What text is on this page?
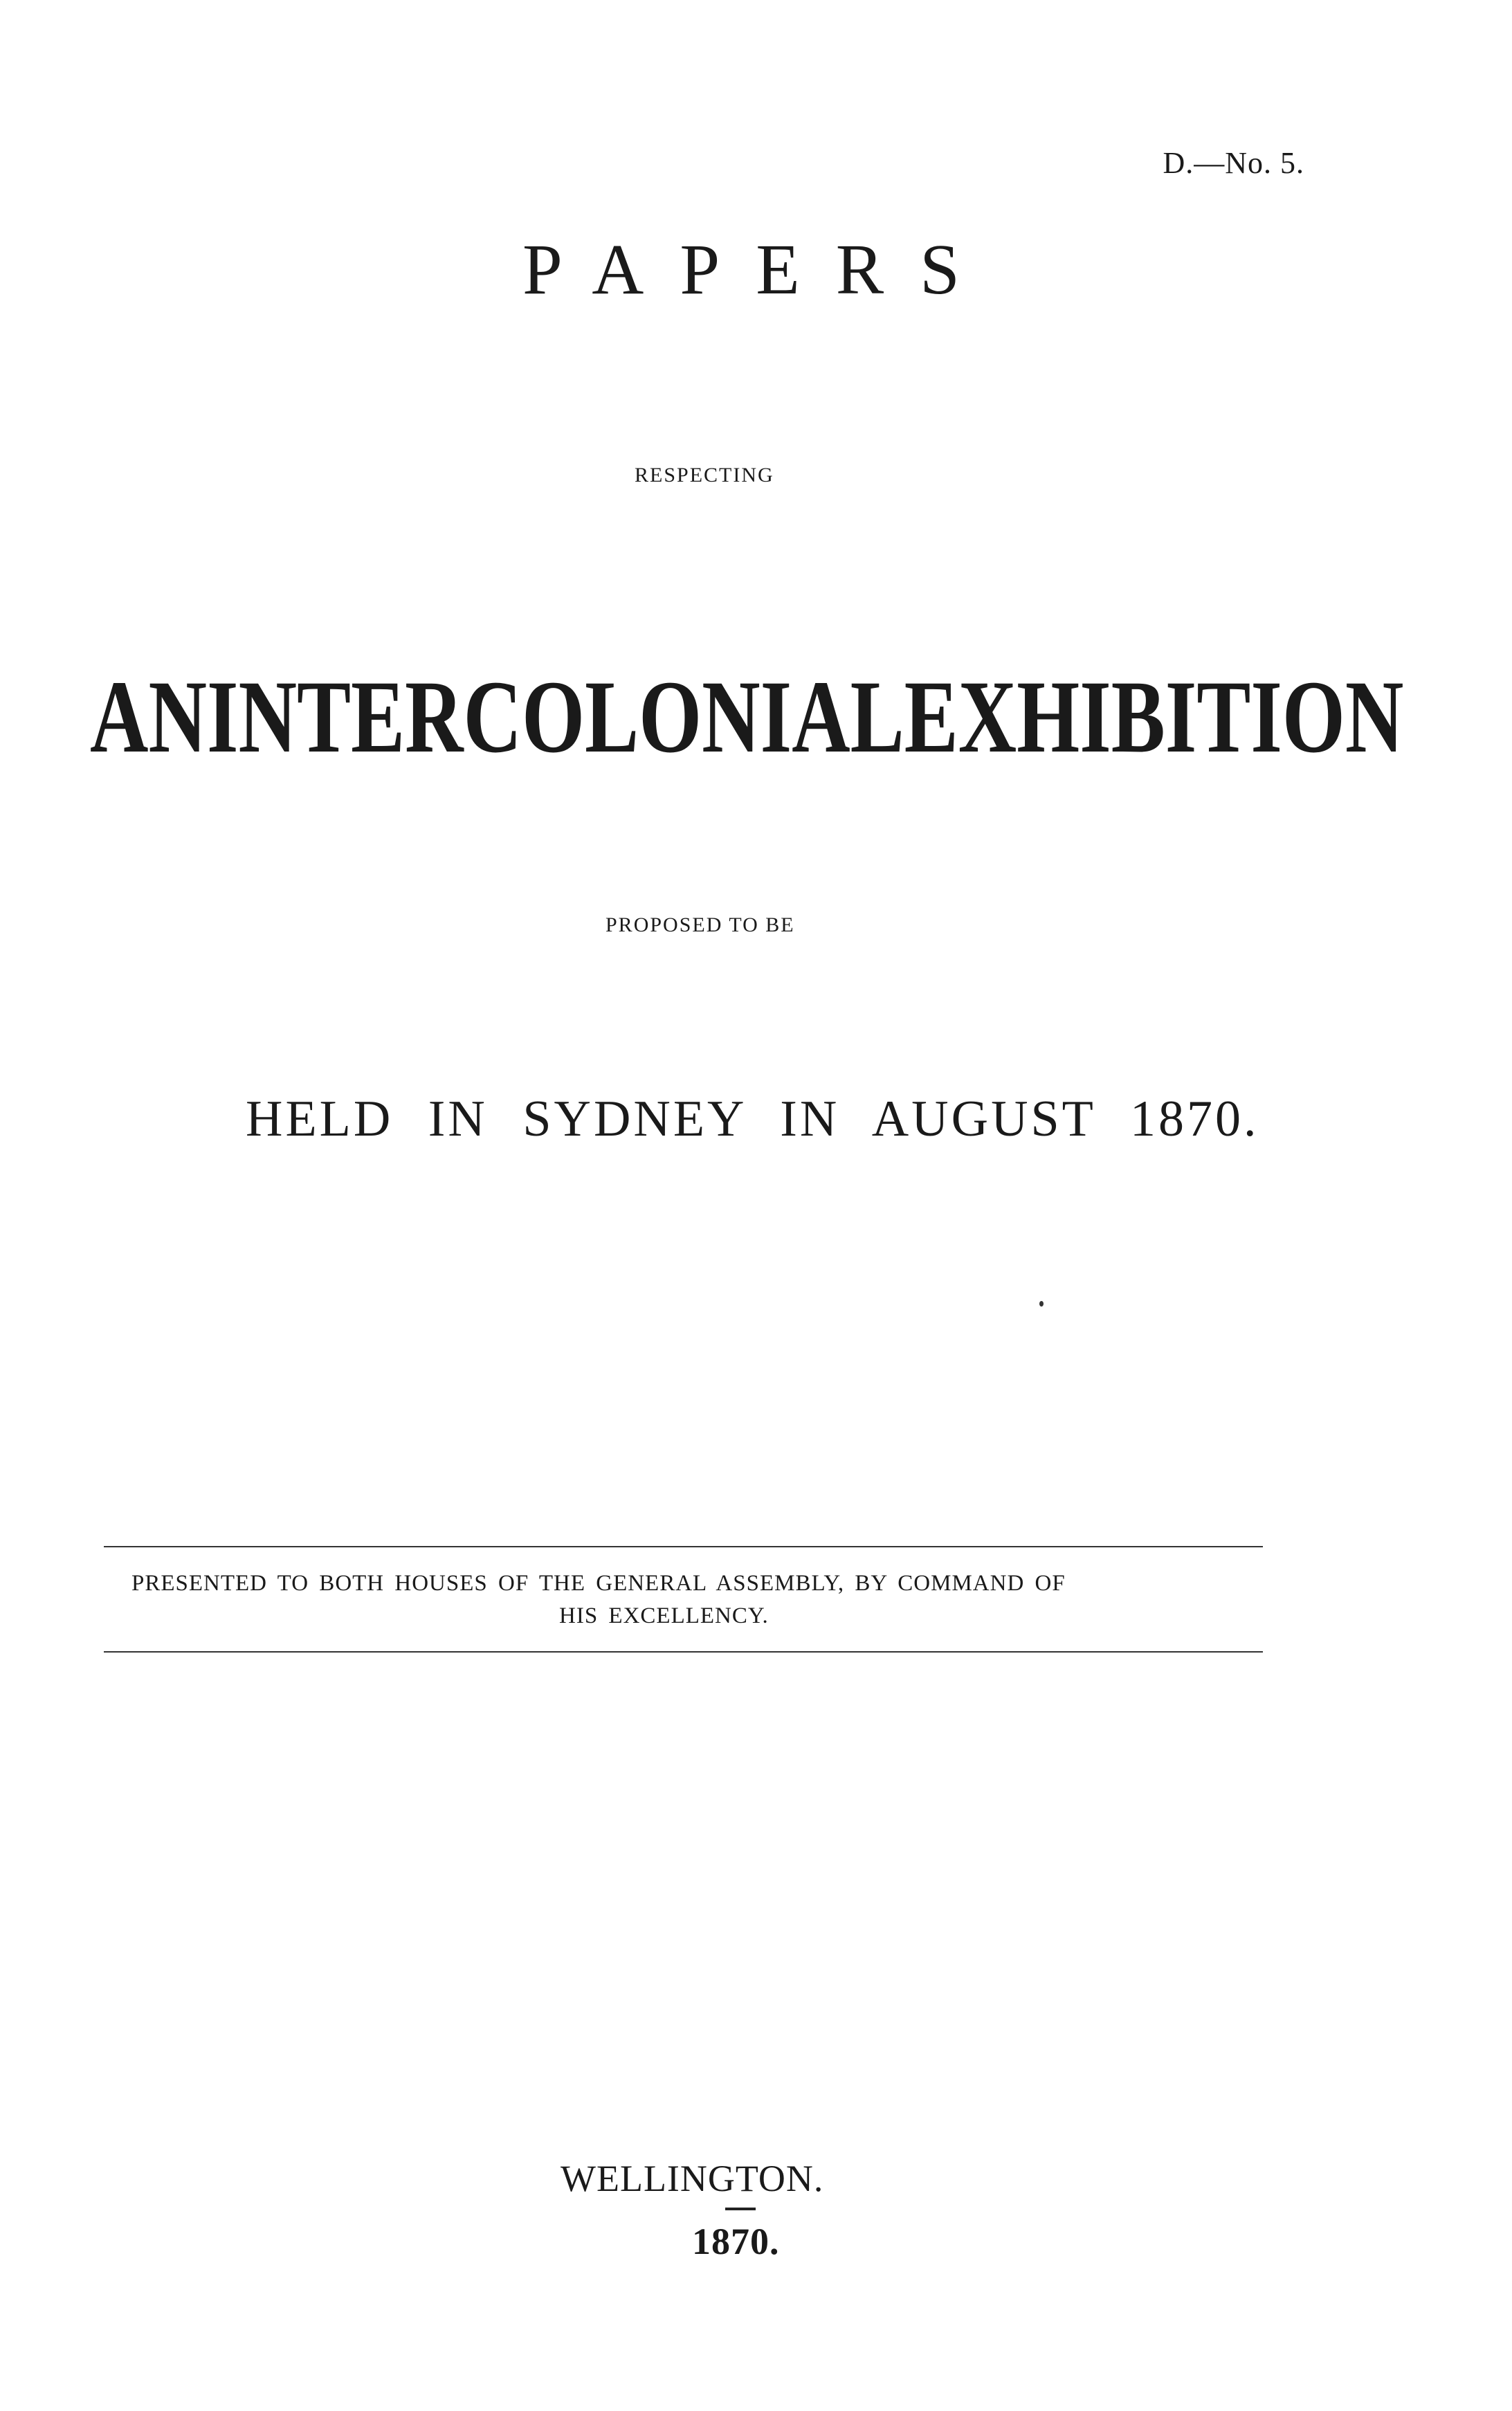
D.—No. 5.
PAPERS
RESPECTING
AN INTERCOLONIAL EXHIBITION
PROPOSED TO BE
HELD IN SYDNEY IN AUGUST 1870.
PRESENTED TO BOTH HOUSES OF THE GENERAL ASSEMBLY, BY COMMAND OF
HIS EXCELLENCY.
WELLINGTON.
1870.
